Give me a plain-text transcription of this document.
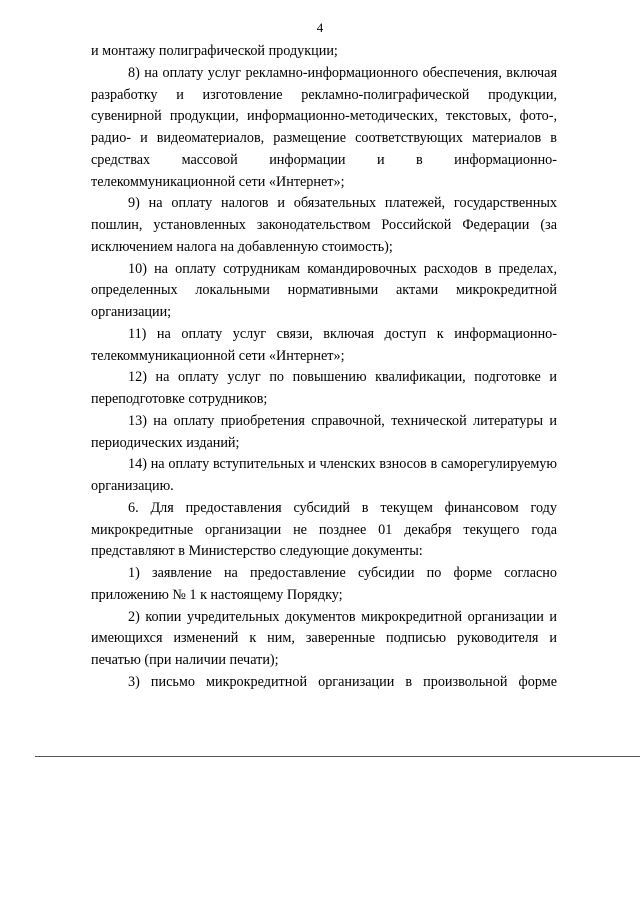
4

и монтажу полиграфической продукции;

8) на оплату услуг рекламно-информационного обеспечения, включая разработку и изготовление рекламно-полиграфической продукции, сувенирной продукции, информационно-методических, текстовых, фото-, радио- и видеоматериалов, размещение соответствующих материалов в средствах массовой информации и в информационно-телекоммуникационной сети «Интернет»;

9) на оплату налогов и обязательных платежей, государственных пошлин, установленных законодательством Российской Федерации (за исключением налога на добавленную стоимость);

10) на оплату сотрудникам командировочных расходов в пределах, определенных локальными нормативными актами микрокредитной организации;

11) на оплату услуг связи, включая доступ к информационно-телекоммуникационной сети «Интернет»;

12) на оплату услуг по повышению квалификации, подготовке и переподготовке сотрудников;

13) на оплату приобретения справочной, технической литературы и периодических изданий;

14) на оплату вступительных и членских взносов в саморегулируемую организацию.

6. Для предоставления субсидий в текущем финансовом году микрокредитные организации не позднее 01 декабря текущего года представляют в Министерство следующие документы:

1) заявление на предоставление субсидии по форме согласно приложению № 1 к настоящему Порядку;

2) копии учредительных документов микрокредитной организации и имеющихся изменений к ним, заверенные подписью руководителя и печатью (при наличии печати);

3) письмо микрокредитной организации в произвольной форме
